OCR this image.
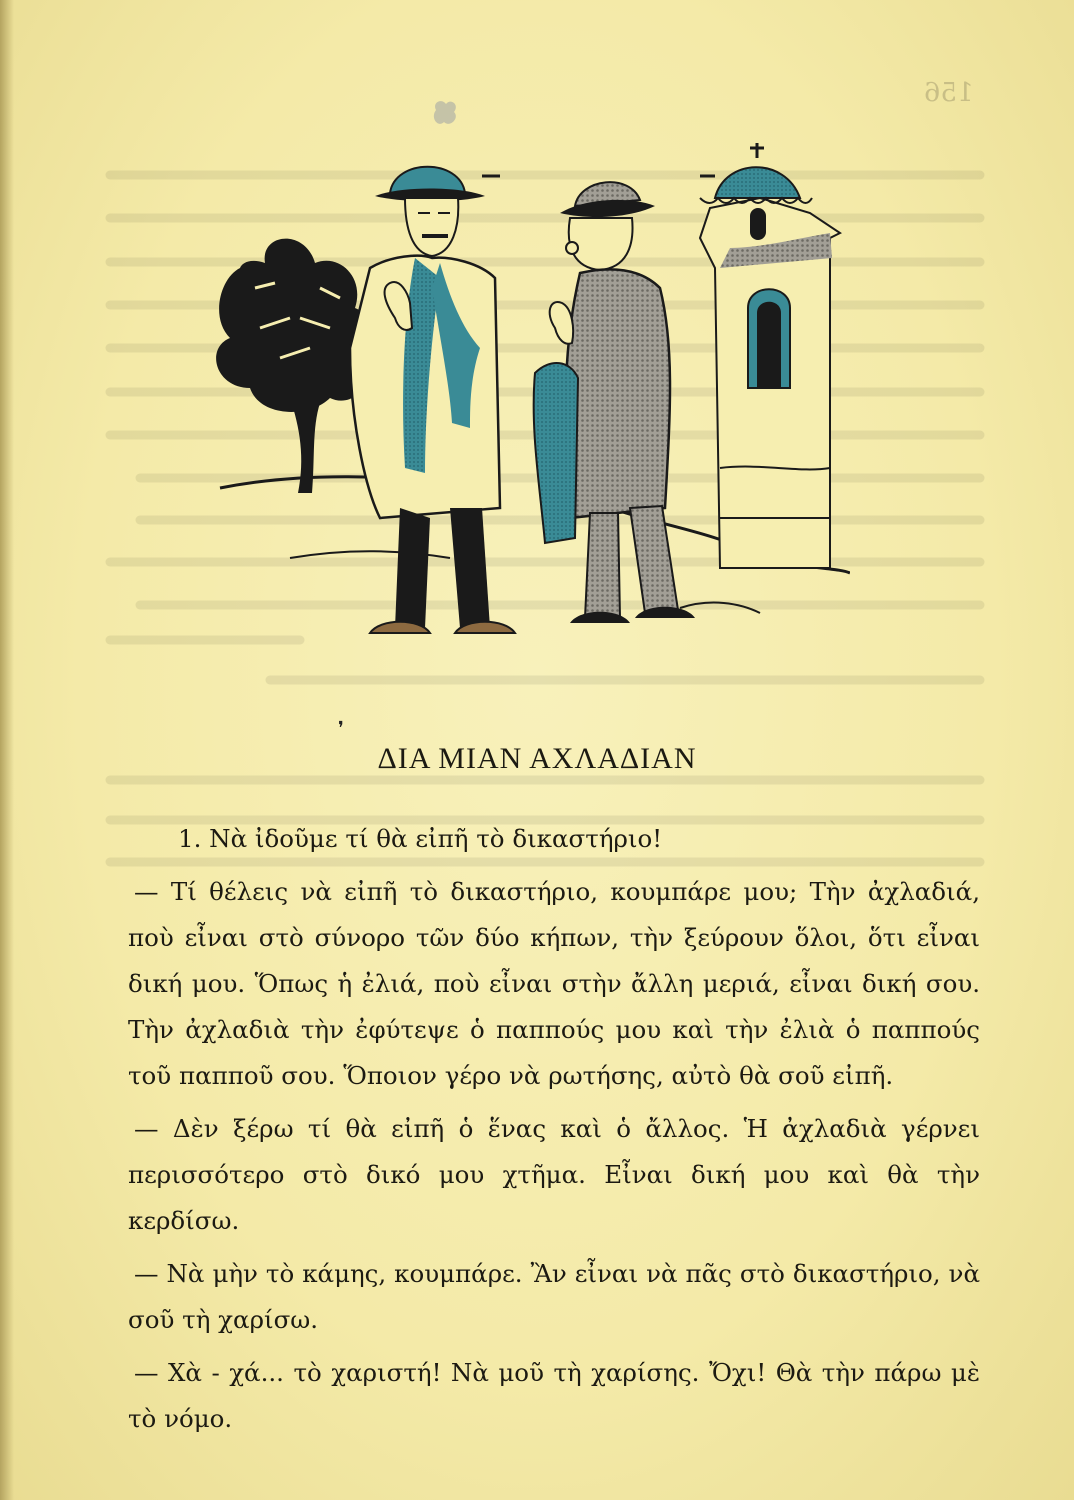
156
❜
ΔΙΑ ΜΙΑΝ ΑΧΛΑΔΙΑΝ

1. Νὰ ἰδοῦμε τί θὰ εἰπῆ τὸ δικαστήριο!

— Τί θέλεις νὰ εἰπῆ τὸ δικαστήριο, κουμπάρε μου; Τὴν ἀχλαδιά, ποὺ εἶναι στὸ σύνορο τῶν δύο κήπων, τὴν ξεύρουν ὅλοι, ὅτι εἶναι δική μου. Ὅπως ἡ ἐλιά, ποὺ εἶναι στὴν ἄλλη μεριά, εἶναι δική σου. Τὴν ἀχλαδιὰ τὴν ἐφύτεψε ὁ παππούς μου καὶ τὴν ἐλιὰ ὁ παππούς τοῦ παπποῦ σου. Ὅποιον γέρο νὰ ρωτήσης, αὐτὸ θὰ σοῦ εἰπῆ.

— Δὲν ξέρω τί θὰ εἰπῆ ὁ ἕνας καὶ ὁ ἄλλος. Ἡ ἀχλαδιὰ γέρνει περισσότερο στὸ δικό μου χτῆμα. Εἶναι δική μου καὶ θὰ τὴν κερδίσω.

— Νὰ μὴν τὸ κάμης, κουμπάρε. Ἂν εἶναι νὰ πᾶς στὸ δικαστήριο, νὰ σοῦ τὴ χαρίσω.

— Χὰ - χά... τὸ χαριστή! Νὰ μοῦ τὴ χαρίσης. Ὄχι! Θὰ τὴν πάρω μὲ τὸ νόμο.
